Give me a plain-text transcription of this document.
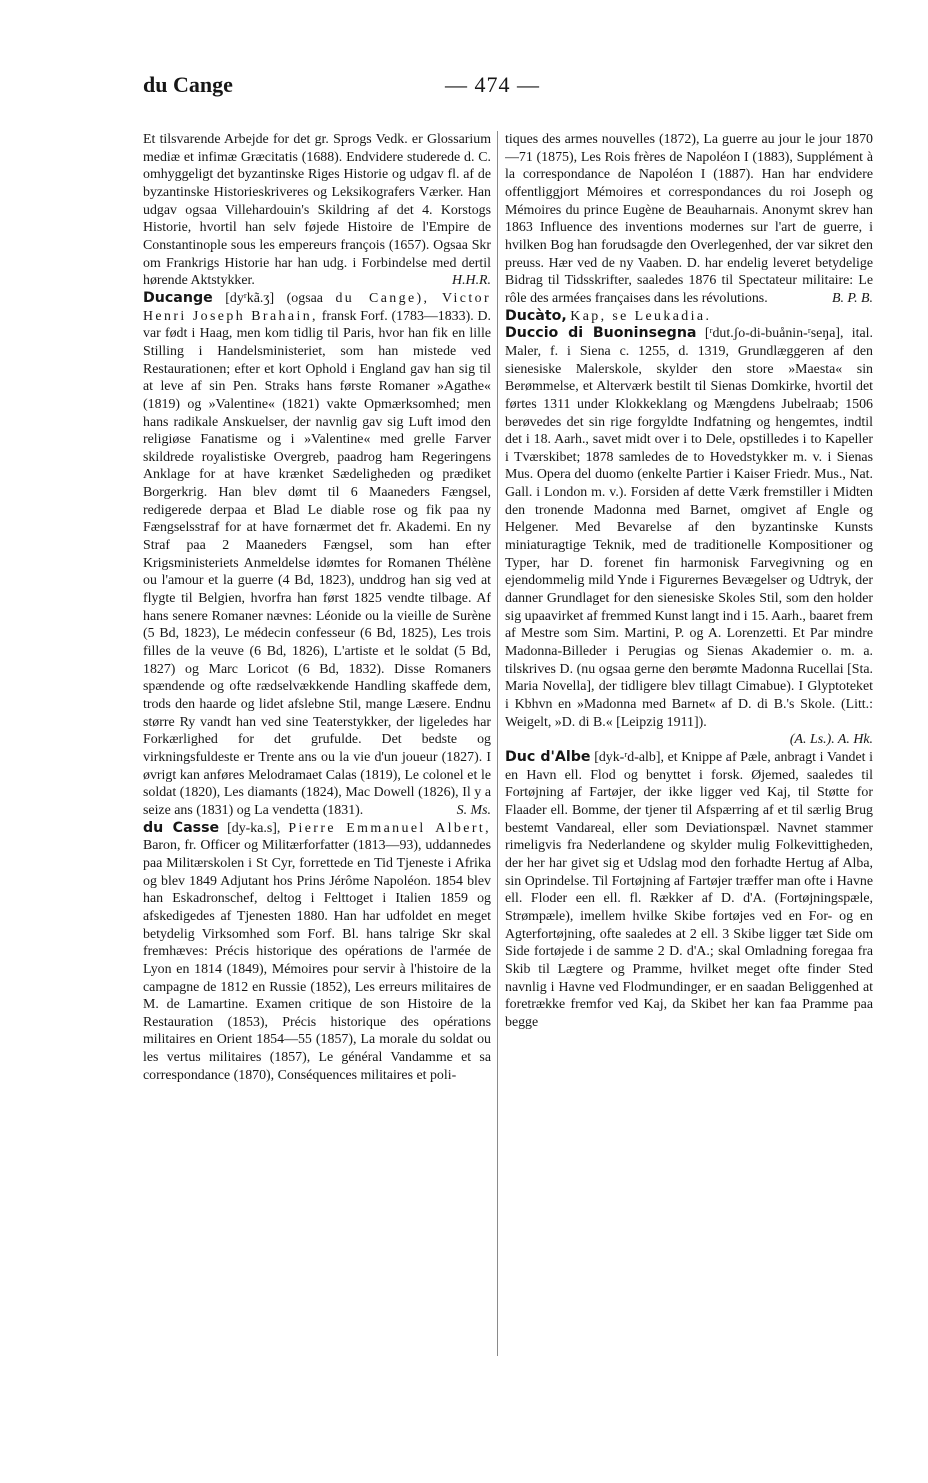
du Cange	— 474 —

Et tilsvarende Arbejde for det gr. Sprogs Vedk. er Glossarium mediæ et infimæ Græcitatis (1688). Endvidere studerede d. C. omhyggeligt det byzantinske Riges Historie og udgav fl. af de byzantinske Historieskriveres og Leksikografers Værker. Han udgav ogsaa Villehardouin's Skildring af det 4. Korstogs Historie, hvortil han selv føjede Histoire de l'Empire de Constantinople sous les empereurs françois (1657). Ogsaa Skr om Frankrigs Historie har han udg. i Forbindelse med dertil hørende Aktstykker.	H.H.R.

Ducange [dyʳkã.ʒ] (ogsaa du Cange), Victor Henri Joseph Brahain, fransk Forf. (1783—1833). D. var født i Haag, men kom tidlig til Paris, hvor han fik en lille Stilling i Handelsministeriet, som han mistede ved Restaurationen; efter et kort Ophold i England gav han sig til at leve af sin Pen. Straks hans første Romaner »Agathe« (1819) og »Valentine« (1821) vakte Opmærksomhed; men hans radikale Anskuelser, der navnlig gav sig Luft imod den religiøse Fanatisme og i »Valentine« med grelle Farver skildrede royalistiske Overgreb, paadrog ham Regeringens Anklage for at have krænket Sædeligheden og prædiket Borgerkrig. Han blev dømt til 6 Maaneders Fængsel, redigerede derpaa et Blad Le diable rose og fik paa ny Fængselsstraf for at have fornærmet det fr. Akademi. En ny Straf paa 2 Maaneders Fængsel, som han efter Krigsministeriets Anmeldelse idømtes for Romanen Thélène ou l'amour et la guerre (4 Bd, 1823), unddrog han sig ved at flygte til Belgien, hvorfra han først 1825 vendte tilbage. Af hans senere Romaner nævnes: Léonide ou la vieille de Surène (5 Bd, 1823), Le médecin confesseur (6 Bd, 1825), Les trois filles de la veuve (6 Bd, 1826), L'artiste et le soldat (5 Bd, 1827) og Marc Loricot (6 Bd, 1832). Disse Romaners spændende og ofte rædselvækkende Handling skaffede dem, trods den haarde og lidet afslebne Stil, mange Læsere. Endnu større Ry vandt han ved sine Teaterstykker, der ligeledes har Forkærlighed for det grufulde. Det bedste og virkningsfuldeste er Trente ans ou la vie d'un joueur (1827). I øvrigt kan anføres Melodramaet Calas (1819), Le colonel et le soldat (1820), Les diamants (1824), Mac Dowell (1826), Il y a seize ans (1831) og La vendetta (1831).	S. Ms.

du Casse [dy-ka.s], Pierre Emmanuel Albert, Baron, fr. Officer og Militærforfatter (1813—93), uddannedes paa Militærskolen i St Cyr, forrettede en Tid Tjeneste i Afrika og blev 1849 Adjutant hos Prins Jérôme Napoléon. 1854 blev han Eskadronschef, deltog i Felttoget i Italien 1859 og afskedigedes af Tjenesten 1880. Han har udfoldet en meget betydelig Virksomhed som Forf. Bl. hans talrige Skr skal fremhæves: Précis historique des opérations de l'armée de Lyon en 1814 (1849), Mémoires pour servir à l'histoire de la campagne de 1812 en Russie (1852), Les erreurs militaires de M. de Lamartine. Examen critique de son Histoire de la Restauration (1853), Précis historique des opérations militaires en Orient 1854—55 (1857), La morale du soldat ou les vertus militaires (1857), Le général Vandamme et sa correspondance (1870), Conséquences militaires et poli-

tiques des armes nouvelles (1872), La guerre au jour le jour 1870—71 (1875), Les Rois frères de Napoléon I (1883), Supplément à la correspondance de Napoléon I (1887). Han har endvidere offentliggjort Mémoires et correspondances du roi Joseph og Mémoires du prince Eugène de Beauharnais. Anonymt skrev han 1863 Influence des inventions modernes sur l'art de guerre, i hvilken Bog han forudsagde den Overlegenhed, der var sikret den preuss. Hær ved de ny Vaaben. D. har endelig leveret betydelige Bidrag til Tidsskrifter, saaledes 1876 til Spectateur militaire: Le rôle des armées françaises dans les révolutions.	B. P. B.

Ducàto, Kap, se Leukadia.

Duccio di Buoninsegna [ʳdut.ʃo-di-buånin-ʳseŋa], ital. Maler, f. i Siena c. 1255, d. 1319, Grundlæggeren af den sienesiske Malerskole, skylder den store »Maesta« sin Berømmelse, et Alterværk bestilt til Sienas Domkirke, hvortil det førtes 1311 under Klokkeklang og Mængdens Jubelraab; 1506 berøvedes det sin rige forgyldte Indfatning og hengemtes, indtil det i 18. Aarh., savet midt over i to Dele, opstilledes i to Kapeller i Tværskibet; 1878 samledes de to Hovedstykker m. v. i Sienas Mus. Opera del duomo (enkelte Partier i Kaiser Friedr. Mus., Nat. Gall. i London m. v.). Forsiden af dette Værk fremstiller i Midten den tronende Madonna med Barnet, omgivet af Engle og Helgener. Med Bevarelse af den byzantinske Kunsts miniaturagtige Teknik, med de traditionelle Kompositioner og Typer, har D. forenet fin harmonisk Farvegivning og en ejendommelig mild Ynde i Figurernes Bevægelser og Udtryk, der danner Grundlaget for den sienesiske Skoles Stil, som den holder sig upaavirket af fremmed Kunst langt ind i 15. Aarh., baaret frem af Mestre som Sim. Martini, P. og A. Lorenzetti. Et Par mindre Madonna-Billeder i Perugias og Sienas Akademier o. m. a. tilskrives D. (nu ogsaa gerne den berømte Madonna Rucellai [Sta. Maria Novella], der tidligere blev tillagt Cimabue). I Glyptoteket i Kbhvn en »Madonna med Barnet« af D. di B.'s Skole. (Litt.: Weigelt, »D. di B.« [Leipzig 1911]).
(A. Ls.). A. Hk.

Duc d'Albe [dyk-ʳd-alb], et Knippe af Pæle, anbragt i Vandet i en Havn ell. Flod og benyttet i forsk. Øjemed, saaledes til Fortøjning af Fartøjer, der ikke ligger ved Kaj, til Støtte for Flaader ell. Bomme, der tjener til Afspærring af et til særlig Brug bestemt Vandareal, eller som Deviationspæl. Navnet stammer rimeligvis fra Nederlandene og skylder mulig Folkevittigheden, der her har givet sig et Udslag mod den forhadte Hertug af Alba, sin Oprindelse. Til Fortøjning af Fartøjer træffer man ofte i Havne ell. Floder een ell. fl. Rækker af D. d'A. (Fortøjningspæle, Strømpæle), imellem hvilke Skibe fortøjes ved en For- og en Agterfortøjning, ofte saaledes at 2 ell. 3 Skibe ligger tæt Side om Side fortøjede i de samme 2 D. d'A.; skal Omladning foregaa fra Skib til Lægtere og Pramme, hvilket meget ofte finder Sted navnlig i Havne ved Flodmundinger, er en saadan Beliggenhed at foretrække fremfor ved Kaj, da Skibet her kan faa Pramme paa begge
